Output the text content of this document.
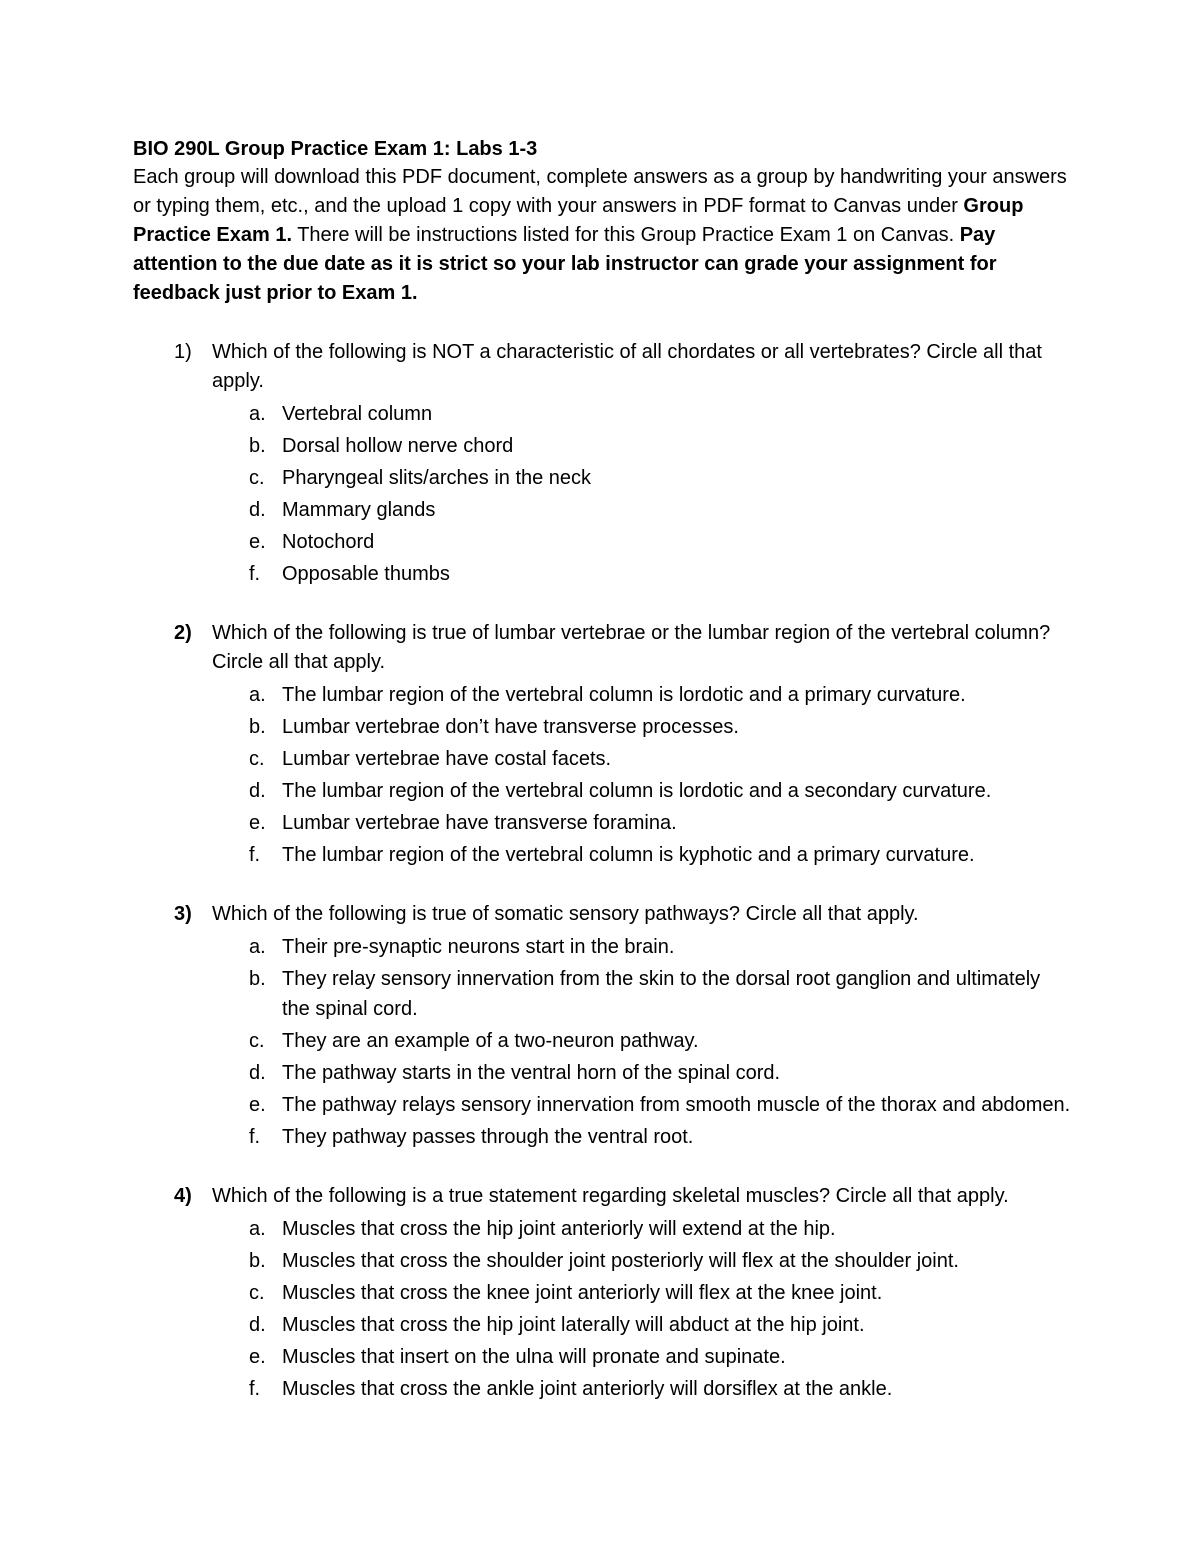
BIO 290L Group Practice Exam 1: Labs 1-3

Each group will download this PDF document, complete answers as a group by handwriting your answers or typing them, etc., and the upload 1 copy with your answers in PDF format to Canvas under Group Practice Exam 1. There will be instructions listed for this Group Practice Exam 1 on Canvas. Pay attention to the due date as it is strict so your lab instructor can grade your assignment for feedback just prior to Exam 1.

1) Which of the following is NOT a characteristic of all chordates or all vertebrates? Circle all that apply.

a. Vertebral column
b. Dorsal hollow nerve chord
c. Pharyngeal slits/arches in the neck
d. Mammary glands
e. Notochord
f. Opposable thumbs
2) Which of the following is true of lumbar vertebrae or the lumbar region of the vertebral column? Circle all that apply.

a. The lumbar region of the vertebral column is lordotic and a primary curvature.
b. Lumbar vertebrae don’t have transverse processes.
c. Lumbar vertebrae have costal facets.
d. The lumbar region of the vertebral column is lordotic and a secondary curvature.
e. Lumbar vertebrae have transverse foramina.
f. The lumbar region of the vertebral column is kyphotic and a primary curvature.
3) Which of the following is true of somatic sensory pathways? Circle all that apply.

a. Their pre-synaptic neurons start in the brain.
b. They relay sensory innervation from the skin to the dorsal root ganglion and ultimately the spinal cord.
c. They are an example of a two-neuron pathway.
d. The pathway starts in the ventral horn of the spinal cord.
e. The pathway relays sensory innervation from smooth muscle of the thorax and abdomen.
f. They pathway passes through the ventral root.
4) Which of the following is a true statement regarding skeletal muscles? Circle all that apply.

a. Muscles that cross the hip joint anteriorly will extend at the hip.
b. Muscles that cross the shoulder joint posteriorly will flex at the shoulder joint.
c. Muscles that cross the knee joint anteriorly will flex at the knee joint.
d. Muscles that cross the hip joint laterally will abduct at the hip joint.
e. Muscles that insert on the ulna will pronate and supinate.
f. Muscles that cross the ankle joint anteriorly will dorsiflex at the ankle.
